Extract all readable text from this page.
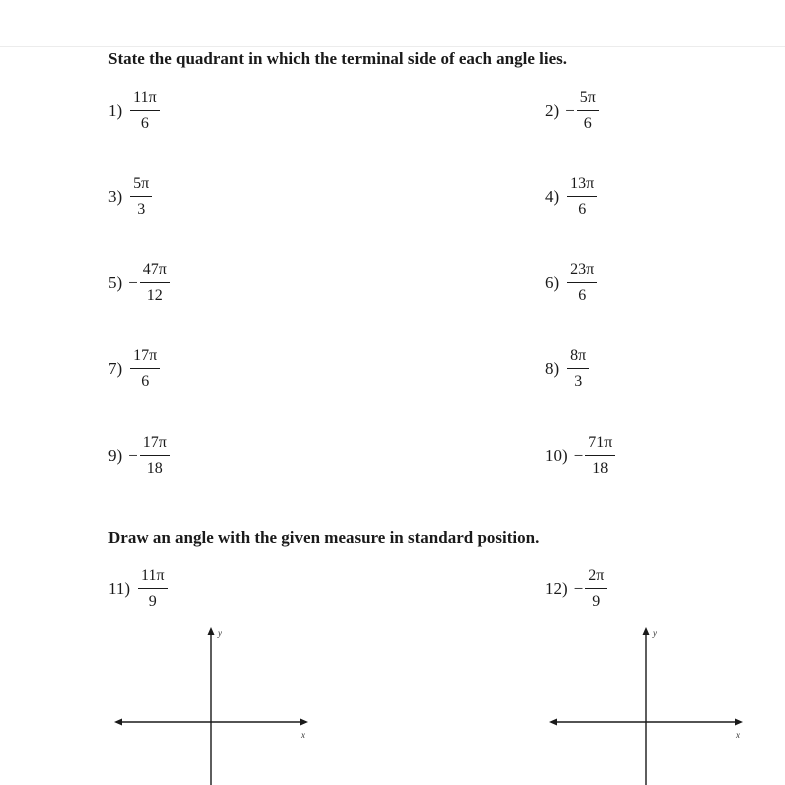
State the quadrant in which the terminal side of each angle lies.
$1) \frac{11\pi}{6}$	$2) - \frac{5\pi}{6}$
$3) \frac{5\pi}{3}$	$4) \frac{13\pi}{6}$
$5) - \frac{47\pi}{12}$	$6) \frac{23\pi}{6}$
$7) \frac{17\pi}{6}$	$8) \frac{8\pi}{3}$
$9) - \frac{17\pi}{18}$	$10) - \frac{71\pi}{18}$
Draw an angle with the given measure in standard position.
$11) \frac{11\pi}{9}$	$12) - \frac{2\pi}{9}$
y
x
y
x
